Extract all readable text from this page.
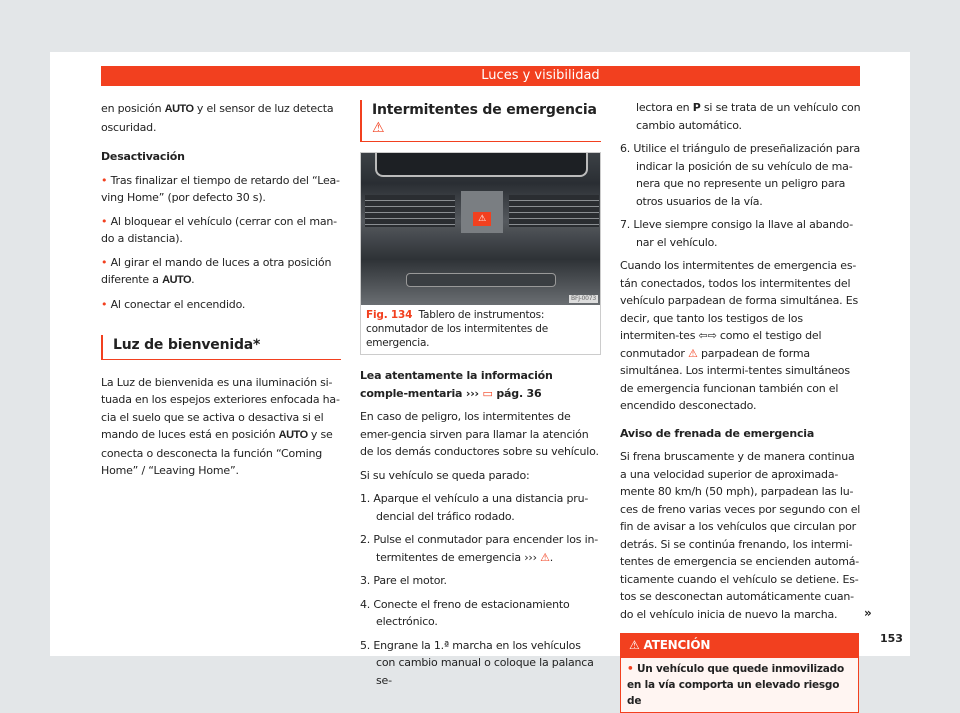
Luces y visibilidad

en posición AUTO y el sensor de luz detecta oscuridad.

Desactivación

• Tras finalizar el tiempo de retardo del “Lea-ving Home” (por defecto 30 s).

• Al bloquear el vehículo (cerrar con el man-do a distancia).

• Al girar el mando de luces a otra posición diferente a AUTO.

• Al conectar el encendido.

Luz de bienvenida*

La Luz de bienvenida es una iluminación si-tuada en los espejos exteriores enfocada ha-cia el suelo que se activa o desactiva si el mando de luces está en posición AUTO y se conecta o desconecta la función “Coming Home” / “Leaving Home”.

Intermitentes de emergencia ⚠
⚠
BFJ-0073
Fig. 134 Tablero de instrumentos: conmutador de los intermitentes de emergencia.

Lea atentamente la información comple-mentaria ››› ▭ pág. 36

En caso de peligro, los intermitentes de emer-gencia sirven para llamar la atención de los demás conductores sobre su vehículo.

Si su vehículo se queda parado:

1. Aparque el vehículo a una distancia pru-dencial del tráfico rodado.
2. Pulse el conmutador para encender los in-termitentes de emergencia ››› ⚠.
3. Pare el motor.
4. Conecte el freno de estacionamiento electrónico.
5. Engrane la 1.ª marcha en los vehículos con cambio manual o coloque la palanca se-

lectora en P si se trata de un vehículo con cambio automático.

6. Utilice el triángulo de preseñalización para indicar la posición de su vehículo de ma-nera que no represente un peligro para otros usuarios de la vía.
7. Lleve siempre consigo la llave al abando-nar el vehículo.

Cuando los intermitentes de emergencia es-tán conectados, todos los intermitentes del vehículo parpadean de forma simultánea. Es decir, que tanto los testigos de los intermiten-tes ⇦⇨ como el testigo del conmutador ⚠ parpadean de forma simultánea. Los intermi-tentes simultáneos de emergencia funcionan también con el encendido desconectado.

Aviso de frenada de emergencia

Si frena bruscamente y de manera continua a una velocidad superior de aproximada-mente 80 km/h (50 mph), parpadean las lu-ces de freno varias veces por segundo con el fin de avisar a los vehículos que circulan por detrás. Si se continúa frenando, los intermi-tentes de emergencia se encienden automá-ticamente cuando el vehículo se detiene. Es-tos se desconectan automáticamente cuan-do el vehículo inicia de nuevo la marcha.

⚠ ATENCIÓN
• Un vehículo que quede inmovilizado en la vía comporta un elevado riesgo de
»
153
